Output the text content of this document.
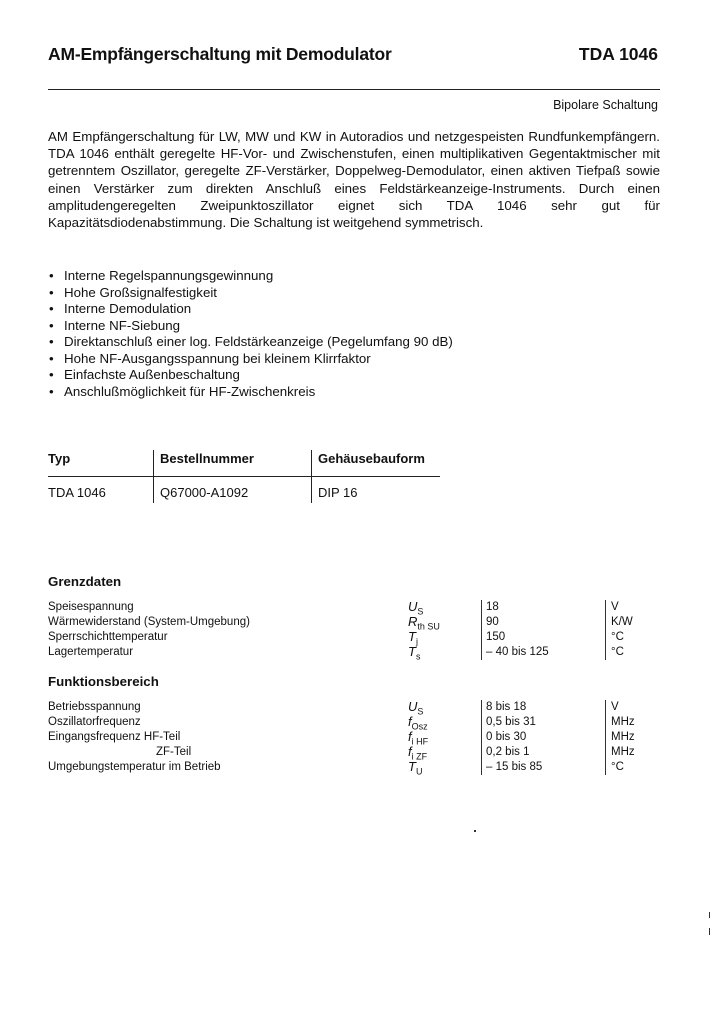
AM-Empfängerschaltung mit Demodulator	TDA 1046
Bipolare Schaltung
AM Empfängerschaltung für LW, MW und KW in Autoradios und netzgespeisten Rundfunkempfängern. TDA 1046 enthält geregelte HF-Vor- und Zwischenstufen, einen multiplikativen Gegentaktmischer mit getrenntem Oszillator, geregelte ZF-Verstärker, Doppelweg-Demodulator, einen aktiven Tiefpaß sowie einen Verstärker zum direkten Anschluß eines Feldstärkeanzeige-Instruments. Durch einen amplitudengeregelten Zweipunktoszillator eignet sich TDA 1046 sehr gut für Kapazitätsdiodenabstimmung. Die Schaltung ist weitgehend symmetrisch.
• Interne Regelspannungsgewinnung
• Hohe Großsignalfestigkeit
• Interne Demodulation
• Interne NF-Siebung
• Direktanschluß einer log. Feldstärkeanzeige (Pegelumfang 90 dB)
• Hohe NF-Ausgangsspannung bei kleinem Klirrfaktor
• Einfachste Außenbeschaltung
• Anschlußmöglichkeit für HF-Zwischenkreis
Typ	Bestellnummer	Gehäusebauform
TDA 1046	Q67000-A1092	DIP 16
Grenzdaten
Speisespannung	$U_S$	18	V
Wärmewiderstand (System-Umgebung)	$R_{th SU}$	90	K/W
Sperrschichttemperatur	$T_j$	150	°C
Lagertemperatur	$T_s$	– 40 bis 125	°C
Funktionsbereich
Betriebsspannung	$U_S$	8 bis 18	V
Oszillatorfrequenz	$f_{Osz}$	0,5 bis 31	MHz
Eingangsfrequenz HF-Teil	$f_{i HF}$	0 bis 30	MHz
ZF-Teil	$f_{i ZF}$	0,2 bis 1	MHz
Umgebungstemperatur im Betrieb	$T_U$	– 15 bis 85	°C
